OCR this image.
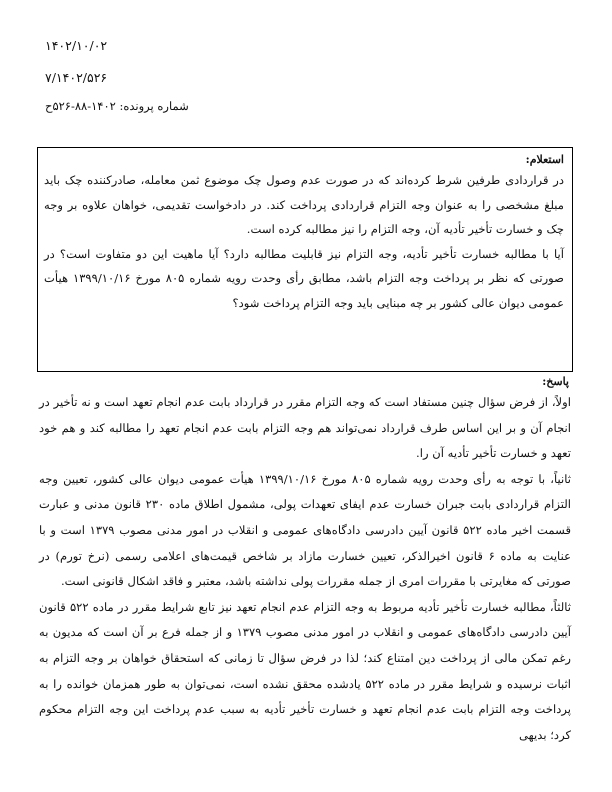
۱۴۰۲/۱۰/۰۲
۷/۱۴۰۲/۵۲۶
شماره پرونده: ۱۴۰۲-۸۸-۵۲۶ح
استعلام:

در قراردادی طرفین شرط کرده‌اند که در صورت عدم وصول چک موضوع ثمن معامله، صادرکننده چک باید مبلغ مشخصی را به عنوان وجه التزام قراردادی پرداخت کند. در دادخواست تقدیمی، خواهان علاوه بر وجه چک و خسارت تأخیر تأدیه آن، وجه التزام را نیز مطالبه کرده است.

آیا با مطالبه خسارت تأخیر تأدیه، وجه التزام نیز قابلیت مطالبه دارد؟ آیا ماهیت این دو متفاوت است؟ در صورتی که نظر بر پرداخت وجه التزام باشد، مطابق رأی وحدت رویه شماره ۸۰۵ مورخ ۱۳۹۹/۱۰/۱۶ هیأت عمومی دیوان عالی کشور بر چه مبنایی باید وجه التزام پرداخت شود؟

پاسخ:

اولاً، از فرض سؤال چنین مستفاد است که وجه التزام مقرر در قرارداد بابت عدم انجام تعهد است و نه تأخیر در انجام آن و بر این اساس طرف قرارداد نمی‌تواند هم وجه التزام بابت عدم انجام تعهد را مطالبه کند و هم خود تعهد و خسارت تأخیر تأدیه آن را.

ثانیاً، با توجه به رأی وحدت رویه شماره ۸۰۵ مورخ ۱۳۹۹/۱۰/۱۶ هیأت عمومی دیوان عالی کشور، تعیین وجه التزام قراردادی بابت جبران خسارت عدم ایفای تعهدات پولی، مشمول اطلاق ماده ۲۳۰ قانون مدنی و عبارت قسمت اخیر ماده ۵۲۲ قانون آیین دادرسی دادگاه‌های عمومی و انقلاب در امور مدنی مصوب ۱۳۷۹ است و با عنایت به ماده ۶ قانون اخیرالذکر، تعیین خسارت مازاد بر شاخص قیمت‌های اعلامی رسمی (نرخ تورم) در صورتی که مغایرتی با مقررات امری از جمله مقررات پولی نداشته باشد، معتبر و فاقد اشکال قانونی است.

ثالثاً، مطالبه خسارت تأخیر تأدیه مربوط به وجه التزام عدم انجام تعهد نیز تابع شرایط مقرر در ماده ۵۲۲ قانون آیین دادرسی دادگاه‌های عمومی و انقلاب در امور مدنی مصوب ۱۳۷۹ و از جمله فرع بر آن است که مدیون به رغم تمکن مالی از پرداخت دین امتناع کند؛ لذا در فرض سؤال تا زمانی که استحقاق خواهان بر وجه التزام به اثبات نرسیده و شرایط مقرر در ماده ۵۲۲ یادشده محقق نشده است، نمی‌توان به طور همزمان خوانده را به پرداخت وجه التزام بابت عدم انجام تعهد و خسارت تأخیر تأدیه به سبب عدم پرداخت این وجه التزام محکوم کرد؛ بدیهی
